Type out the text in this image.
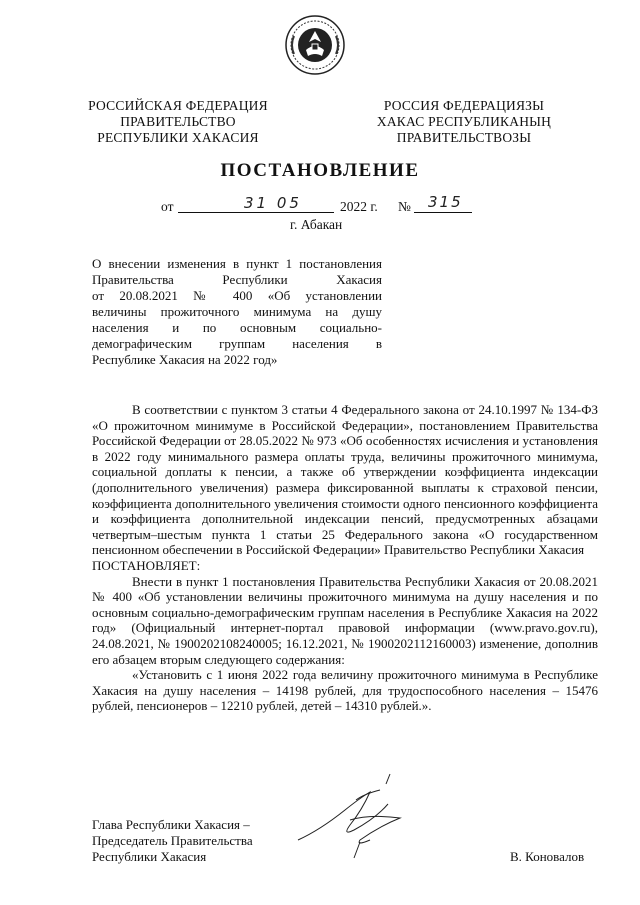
РОССИЙСКАЯ ФЕДЕРАЦИЯ
ПРАВИТЕЛЬСТВО
РЕСПУБЛИКИ ХАКАСИЯ
РОССИЯ ФЕДЕРАЦИЯЗЫ
ХАКАС РЕСПУБЛИКАНЫҢ
ПРАВИТЕЛЬСТВОЗЫ
ПОСТАНОВЛЕНИЕ
от	31 05	2022 г. № 315
г. Абакан
О внесении изменения в пункт 1 постановления
Правительства Республики Хакасия
от 20.08.2021 № 400 «Об установлении
величины прожиточного минимума на душу
населения и по основным социально-
демографическим группам населения в
Республике Хакасия на 2022 год»
В соответствии с пунктом 3 статьи 4 Федерального закона от 24.10.1997 № 134-ФЗ «О прожиточном минимуме в Российской Федерации», постановлением Правительства Российской Федерации от 28.05.2022 № 973 «Об особенностях исчисления и установления в 2022 году минимального размера оплаты труда, величины прожиточного минимума, социальной доплаты к пенсии, а также об утверждении коэффициента индексации (дополнительного увеличения) размера фиксированной выплаты к страховой пенсии, коэффициента дополнительного увеличения стоимости одного пенсионного коэффициента и коэффициента дополнительной индексации пенсий, предусмотренных абзацами четвертым–шестым пункта 1 статьи 25 Федерального закона «О государственном пенсионном обеспечении в Российской Федерации» Правительство Республики Хакасия
ПОСТАНОВЛЯЕТ:
Внести в пункт 1 постановления Правительства Республики Хакасия от 20.08.2021 № 400 «Об установлении величины прожиточного минимума на душу населения и по основным социально-демографическим группам населения в Республике Хакасия на 2022 год» (Официальный интернет-портал правовой информации (www.pravo.gov.ru), 24.08.2021, № 1900202108240005; 16.12.2021, № 1900202112160003) изменение, дополнив его абзацем вторым следующего содержания:
«Установить с 1 июня 2022 года величину прожиточного минимума в Республике Хакасия на душу населения – 14198 рублей, для трудоспособного населения – 15476 рублей, пенсионеров – 12210 рублей, детей – 14310 рублей.».
Глава Республики Хакасия –
Председатель Правительства
Республики Хакасия	В. Коновалов
